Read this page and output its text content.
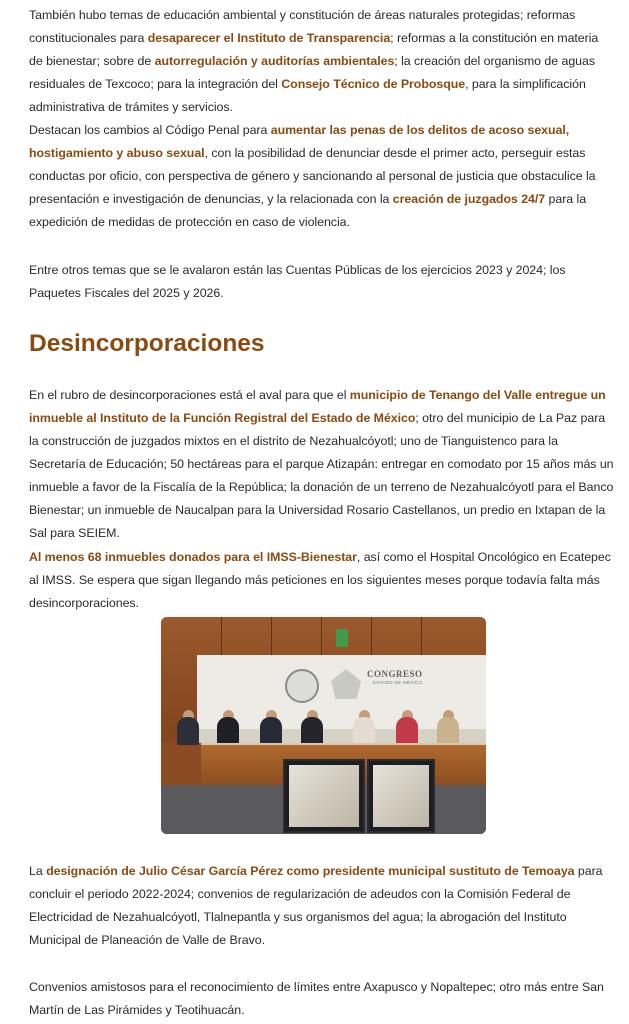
También hubo temas de educación ambiental y constitución de áreas naturales protegidas; reformas constitucionales para desaparecer el Instituto de Transparencia; reformas a la constitución en materia de bienestar; sobre de autorregulación y auditorías ambientales; la creación del organismo de aguas residuales de Texcoco; para la integración del Consejo Técnico de Probosque, para la simplificación administrativa de trámites y servicios.

Destacan los cambios al Código Penal para aumentar las penas de los delitos de acoso sexual, hostigamiento y abuso sexual, con la posibilidad de denunciar desde el primer acto, perseguir estas conductas por oficio, con perspectiva de género y sancionando al personal de justicia que obstaculice la presentación e investigación de denuncias, y la relacionada con la creación de juzgados 24/7 para la expedición de medidas de protección en caso de violencia.

Entre otros temas que se le avalaron están las Cuentas Públicas de los ejercicios 2023 y 2024; los Paquetes Fiscales del 2025 y 2026.

Desincorporaciones

En el rubro de desincorporaciones está el aval para que el municipio de Tenango del Valle entregue un inmueble al Instituto de la Función Registral del Estado de México; otro del municipio de La Paz para la construcción de juzgados mixtos en el distrito de Nezahualcóyotl; uno de Tianguistenco para la Secretaría de Educación; 50 hectáreas para el parque Atizapán: entregar en comodato por 15 años más un inmueble a favor de la Fiscalía de la República; la donación de un terreno de Nezahualcóyotl para el Banco Bienestar; un inmueble de Naucalpan para la Universidad Rosario Castellanos, un predio en Ixtapan de la Sal para SEIEM.

Al menos 68 inmuebles donados para el IMSS-Bienestar, así como el Hospital Oncológico en Ecatepec al IMSS. Se espera que sigan llegando más peticiones en los siguientes meses porque todavía falta más desincorporaciones.

La designación de Julio César García Pérez como presidente municipal sustituto de Temoaya para concluir el periodo 2022-2024; convenios de regularización de adeudos con la Comisión Federal de Electricidad de Nezahualcóyotl, Tlalnepantla y sus organismos del agua; la abrogación del Instituto Municipal de Planeación de Valle de Bravo.

Convenios amistosos para el reconocimiento de límites entre Axapusco y Nopaltepec; otro más entre San Martín de Las Pirámides y Teotihuacán.

CONGRESO
ESTADO DE MÉXICO
